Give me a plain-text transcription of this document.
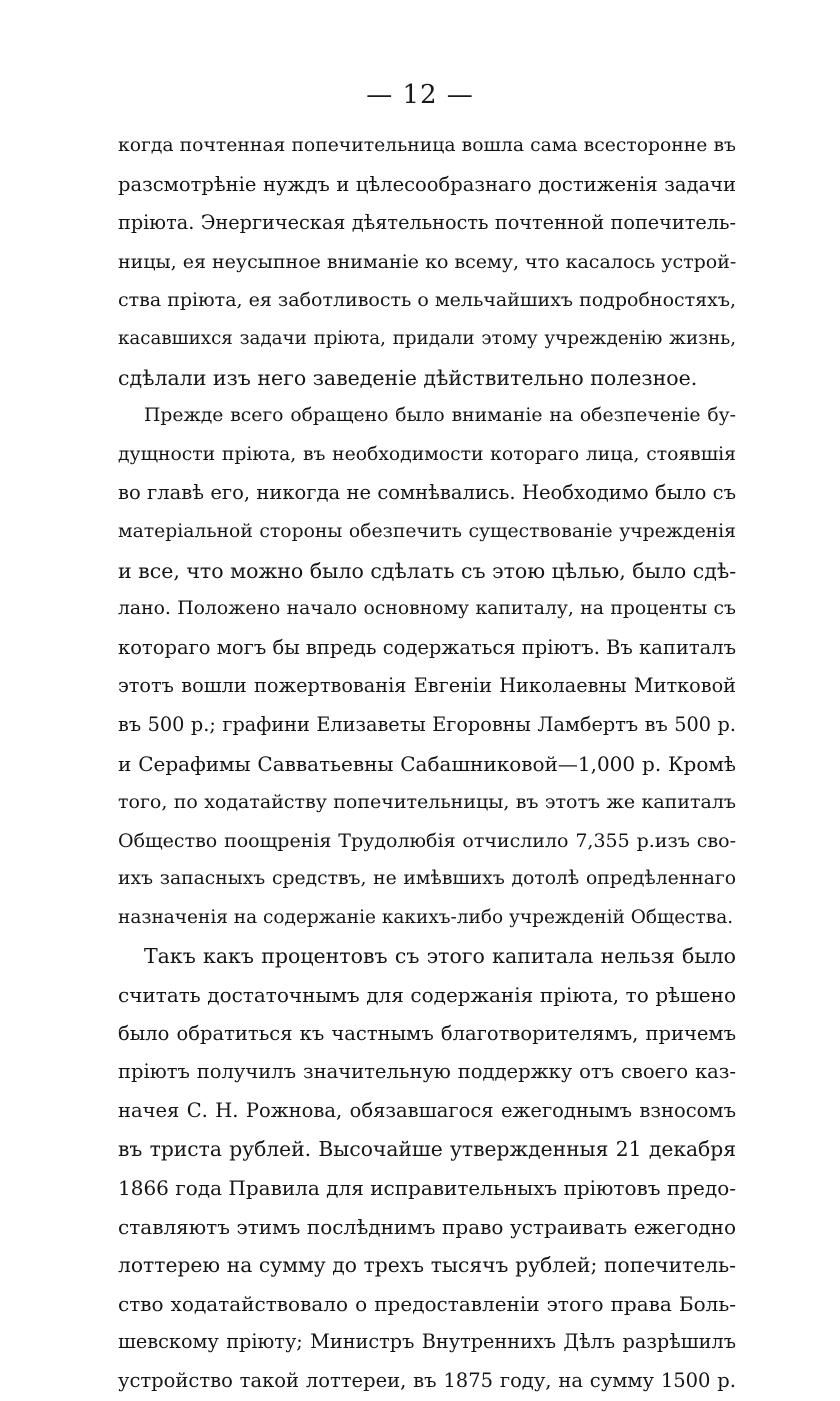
— 12 —
когда почтенная попечительница вошла сама всесторонне въ
разсмотрѣніе нуждъ и цѣлесообразнаго достиженія задачи
пріюта. Энергическая дѣятельность почтенной попечитель-
ницы, ея неусыпное вниманіе ко всему, что касалось устрой-
ства пріюта, ея заботливость о мельчайшихъ подробностяхъ,
касавшихся задачи пріюта, придали этому учрежденію жизнь,
сдѣлали изъ него заведеніе дѣйствительно полезное.
Прежде всего обращено было вниманіе на обезпеченіе бу-
дущности пріюта, въ необходимости котораго лица, стоявшія
во главѣ его, никогда не сомнѣвались. Необходимо было съ
матеріальной стороны обезпечить существованіе учрежденія
и все, что можно было сдѣлать съ этою цѣлью, было сдѣ-
лано. Положено начало основному капиталу, на проценты съ
котораго могъ бы впредь содержаться пріютъ. Въ капиталъ
этотъ вошли пожертвованія Евгеніи Николаевны Митковой
въ 500 р.; графини Елизаветы Егоровны Ламбертъ въ 500 р.
и Серафимы Савватьевны Сабашниковой—1,000 р. Кромѣ
того, по ходатайству попечительницы, въ этотъ же капиталъ
Общество поощренія Трудолюбія отчислило 7,355 р.изъ сво-
ихъ запасныхъ средствъ, не имѣвшихъ дотолѣ опредѣленнаго
назначенія на содержаніе какихъ-либо учрежденій Общества.
Такъ какъ процентовъ съ этого капитала нельзя было
считать достаточнымъ для содержанія пріюта, то рѣшено
было обратиться къ частнымъ благотворителямъ, причемъ
пріютъ получилъ значительную поддержку отъ своего каз-
начея С. Н. Рожнова, обязавшагося ежегоднымъ взносомъ
въ триста рублей. Высочайше утвержденныя 21 декабря
1866 года Правила для исправительныхъ пріютовъ предо-
ставляютъ этимъ послѣднимъ право устраивать ежегодно
лоттерею на сумму до трехъ тысячъ рублей; попечитель-
ство ходатайствовало о предоставленіи этого права Боль-
шевскому пріюту; Министръ Внутреннихъ Дѣлъ разрѣшилъ
устройство такой лоттереи, въ 1875 году, на сумму 1500 р.
